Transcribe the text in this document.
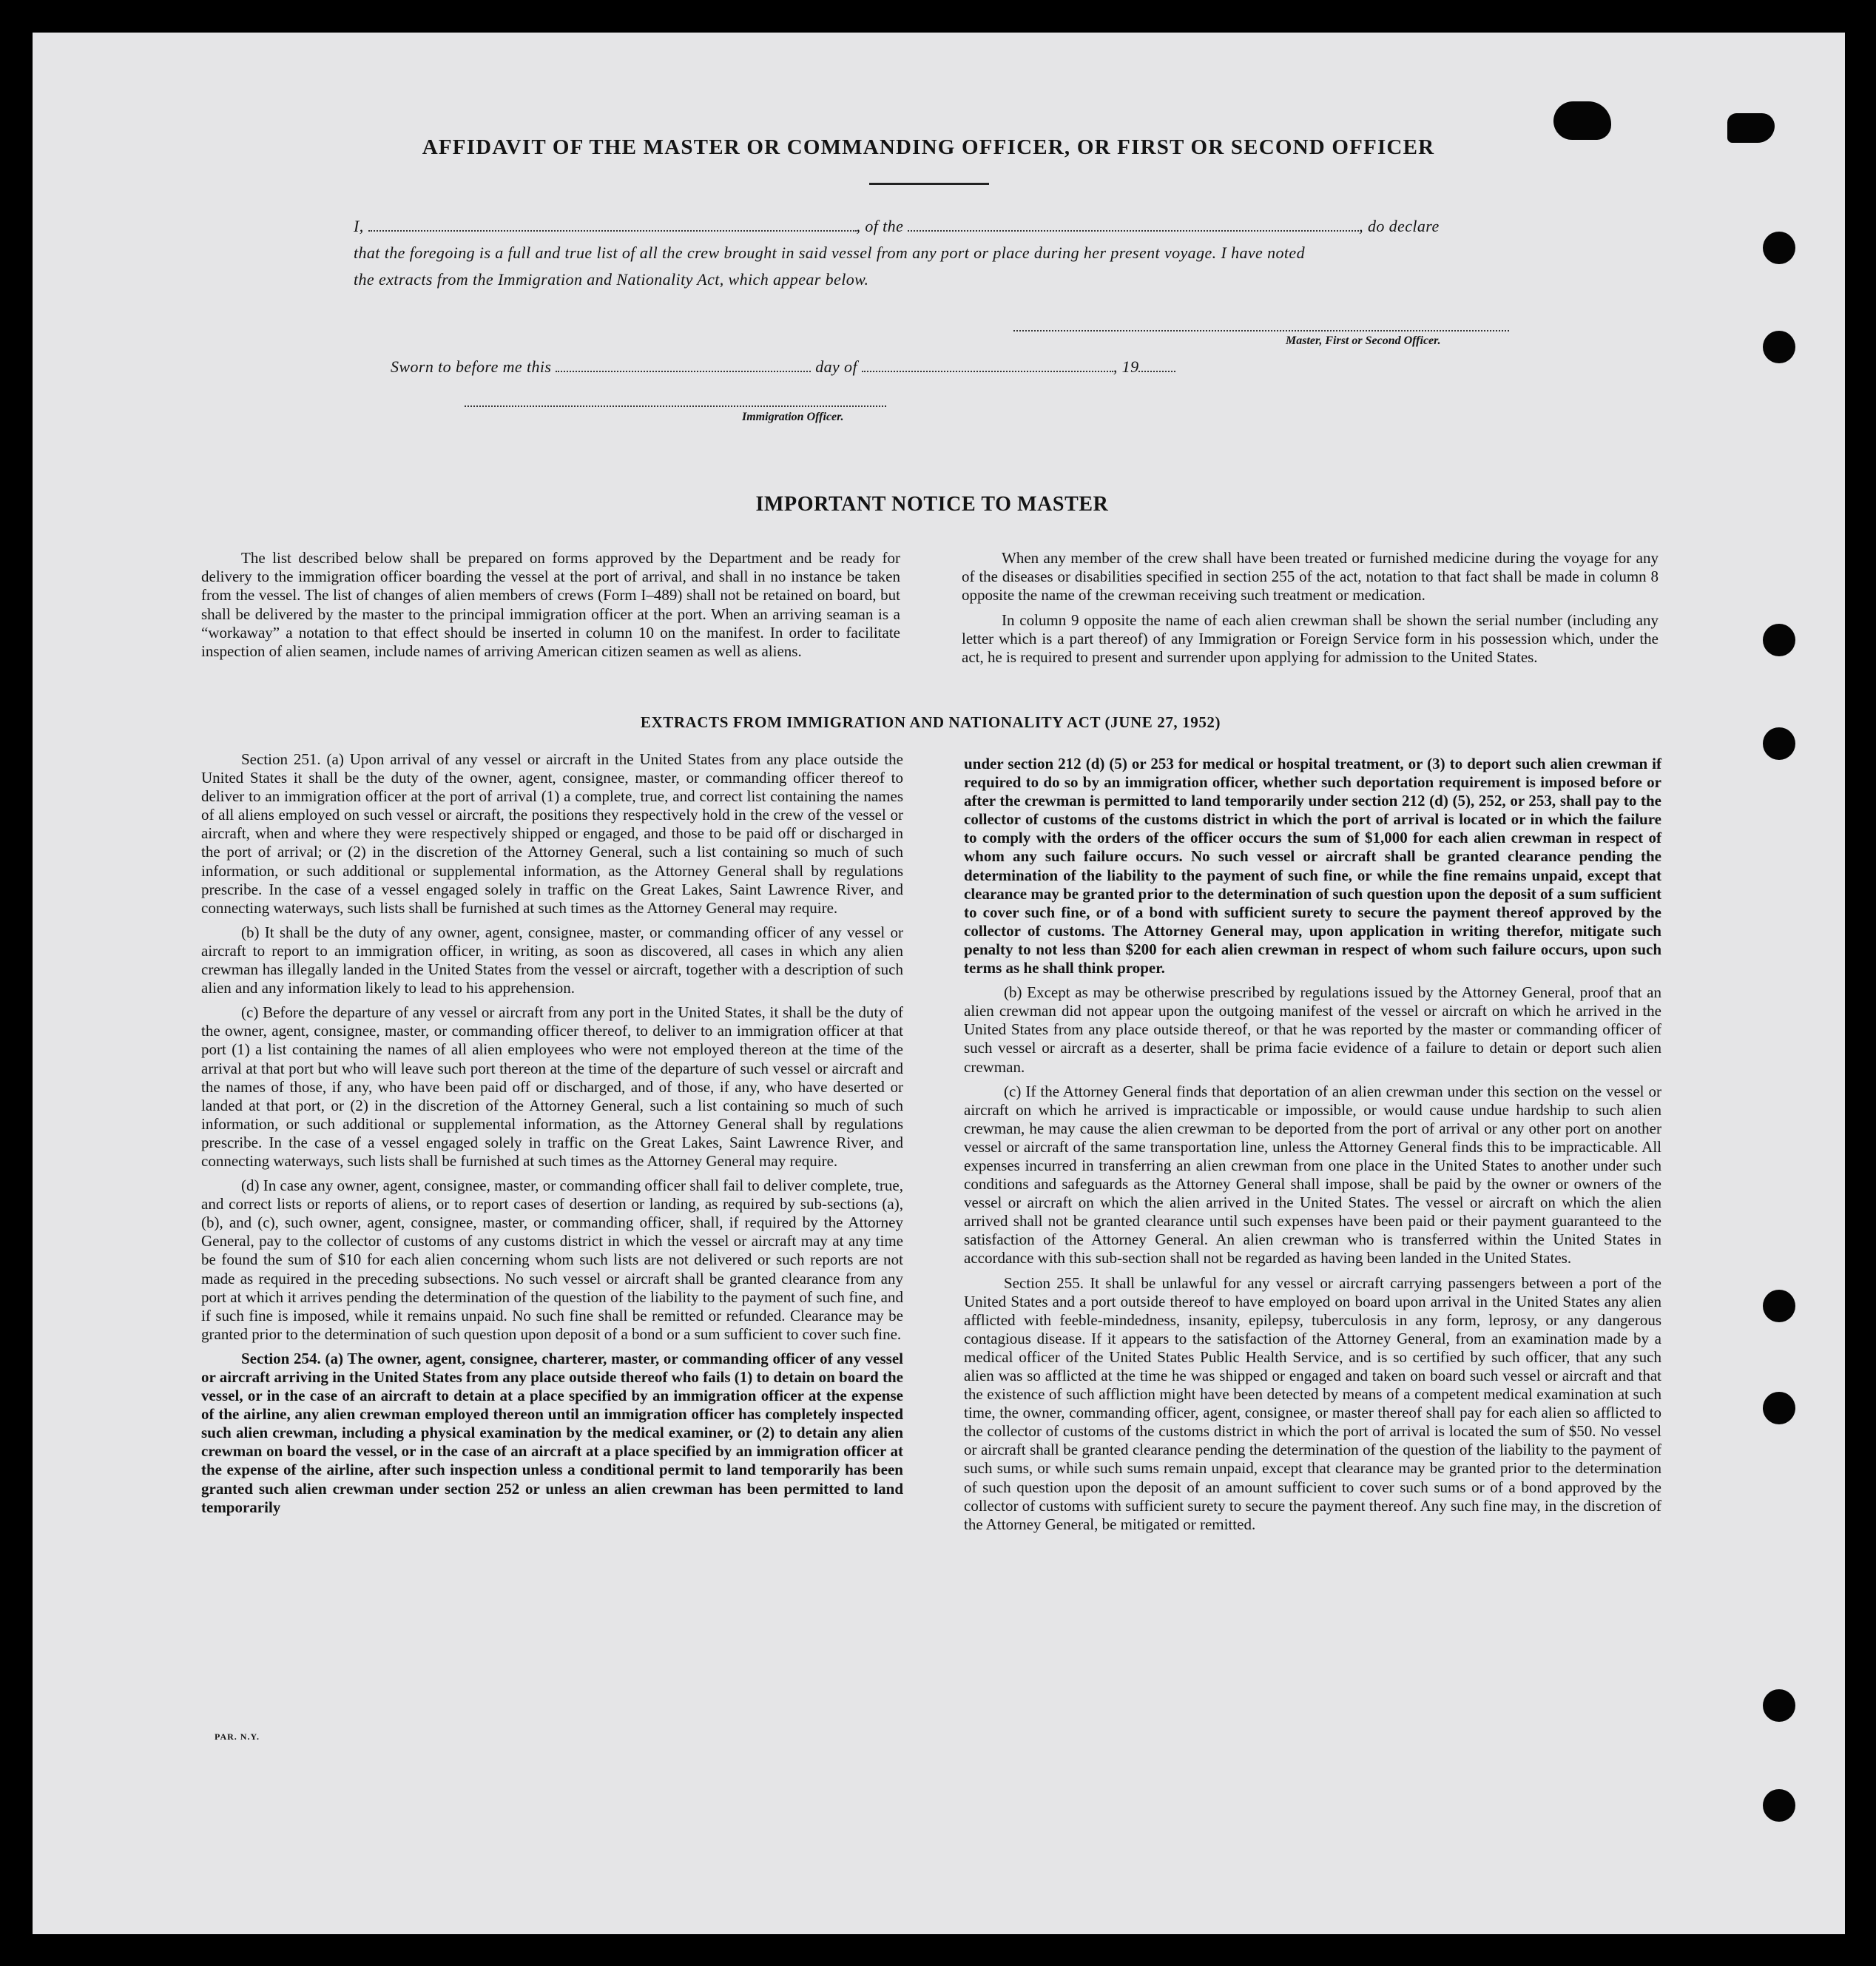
AFFIDAVIT OF THE MASTER OR COMMANDING OFFICER, OR FIRST OR SECOND OFFICER
I,	, of the	, do declare
that the foregoing is a full and true list of all the crew brought in said vessel from any port or place during her present voyage. I have noted
the extracts from the Immigration and Nationality Act, which appear below.
Master, First or Second Officer.
Sworn to before me this	day of	, 19
Immigration Officer.
IMPORTANT NOTICE TO MASTER

The list described below shall be prepared on forms approved by the Department and be ready for delivery to the immigration officer boarding the vessel at the port of arrival, and shall in no instance be taken from the vessel. The list of changes of alien members of crews (Form I–489) shall not be retained on board, but shall be delivered by the master to the principal immigration officer at the port. When an arriving seaman is a “workaway” a notation to that effect should be inserted in column 10 on the manifest. In order to facilitate inspection of alien seamen, include names of arriving American citizen seamen as well as aliens.

When any member of the crew shall have been treated or furnished medicine during the voyage for any of the diseases or disabilities specified in section 255 of the act, notation to that fact shall be made in column 8 opposite the name of the crewman receiving such treatment or medication.

In column 9 opposite the name of each alien crewman shall be shown the serial number (including any letter which is a part thereof) of any Immigration or Foreign Service form in his possession which, under the act, he is required to present and surrender upon applying for admission to the United States.

EXTRACTS FROM IMMIGRATION AND NATIONALITY ACT (JUNE 27, 1952)

Section 251. (a) Upon arrival of any vessel or aircraft in the United States from any place outside the United States it shall be the duty of the owner, agent, consignee, master, or commanding officer thereof to deliver to an immigration officer at the port of arrival (1) a complete, true, and correct list containing the names of all aliens employed on such vessel or aircraft, the positions they respectively hold in the crew of the vessel or aircraft, when and where they were respectively shipped or engaged, and those to be paid off or discharged in the port of arrival; or (2) in the discretion of the Attorney General, such a list containing so much of such information, or such additional or supplemental information, as the Attorney General shall by regulations prescribe. In the case of a vessel engaged solely in traffic on the Great Lakes, Saint Lawrence River, and connecting waterways, such lists shall be furnished at such times as the Attorney General may require.

(b) It shall be the duty of any owner, agent, consignee, master, or commanding officer of any vessel or aircraft to report to an immigration officer, in writing, as soon as discovered, all cases in which any alien crewman has illegally landed in the United States from the vessel or aircraft, together with a description of such alien and any information likely to lead to his apprehension.

(c) Before the departure of any vessel or aircraft from any port in the United States, it shall be the duty of the owner, agent, consignee, master, or commanding officer thereof, to deliver to an immigration officer at that port (1) a list containing the names of all alien employees who were not employed thereon at the time of the arrival at that port but who will leave such port thereon at the time of the departure of such vessel or aircraft and the names of those, if any, who have been paid off or discharged, and of those, if any, who have deserted or landed at that port, or (2) in the discretion of the Attorney General, such a list containing so much of such information, or such additional or supplemental information, as the Attorney General shall by regulations prescribe. In the case of a vessel engaged solely in traffic on the Great Lakes, Saint Lawrence River, and connecting waterways, such lists shall be furnished at such times as the Attorney General may require.

(d) In case any owner, agent, consignee, master, or commanding officer shall fail to deliver complete, true, and correct lists or reports of aliens, or to report cases of desertion or landing, as required by sub-sections (a), (b), and (c), such owner, agent, consignee, master, or commanding officer, shall, if required by the Attorney General, pay to the collector of customs of any customs district in which the vessel or aircraft may at any time be found the sum of $10 for each alien concerning whom such lists are not delivered or such reports are not made as required in the preceding subsections. No such vessel or aircraft shall be granted clearance from any port at which it arrives pending the determination of the question of the liability to the payment of such fine, and if such fine is imposed, while it remains unpaid. No such fine shall be remitted or refunded. Clearance may be granted prior to the determination of such question upon deposit of a bond or a sum sufficient to cover such fine.

Section 254. (a) The owner, agent, consignee, charterer, master, or commanding officer of any vessel or aircraft arriving in the United States from any place outside thereof who fails (1) to detain on board the vessel, or in the case of an aircraft to detain at a place specified by an immigration officer at the expense of the airline, any alien crewman employed thereon until an immigration officer has completely inspected such alien crewman, including a physical examination by the medical examiner, or (2) to detain any alien crewman on board the vessel, or in the case of an aircraft at a place specified by an immigration officer at the expense of the airline, after such inspection unless a conditional permit to land temporarily has been granted such alien crewman under section 252 or unless an alien crewman has been permitted to land temporarily

under section 212 (d) (5) or 253 for medical or hospital treatment, or (3) to deport such alien crewman if required to do so by an immigration officer, whether such deportation requirement is imposed before or after the crewman is permitted to land temporarily under section 212 (d) (5), 252, or 253, shall pay to the collector of customs of the customs district in which the port of arrival is located or in which the failure to comply with the orders of the officer occurs the sum of $1,000 for each alien crewman in respect of whom any such failure occurs. No such vessel or aircraft shall be granted clearance pending the determination of the liability to the payment of such fine, or while the fine remains unpaid, except that clearance may be granted prior to the determination of such question upon the deposit of a sum sufficient to cover such fine, or of a bond with sufficient surety to secure the payment thereof approved by the collector of customs. The Attorney General may, upon application in writing therefor, mitigate such penalty to not less than $200 for each alien crewman in respect of whom such failure occurs, upon such terms as he shall think proper.

(b) Except as may be otherwise prescribed by regulations issued by the Attorney General, proof that an alien crewman did not appear upon the outgoing manifest of the vessel or aircraft on which he arrived in the United States from any place outside thereof, or that he was reported by the master or commanding officer of such vessel or aircraft as a deserter, shall be prima facie evidence of a failure to detain or deport such alien crewman.

(c) If the Attorney General finds that deportation of an alien crewman under this section on the vessel or aircraft on which he arrived is impracticable or impossible, or would cause undue hardship to such alien crewman, he may cause the alien crewman to be deported from the port of arrival or any other port on another vessel or aircraft of the same transportation line, unless the Attorney General finds this to be impracticable. All expenses incurred in transferring an alien crewman from one place in the United States to another under such conditions and safeguards as the Attorney General shall impose, shall be paid by the owner or owners of the vessel or aircraft on which the alien arrived in the United States. The vessel or aircraft on which the alien arrived shall not be granted clearance until such expenses have been paid or their payment guaranteed to the satisfaction of the Attorney General. An alien crewman who is transferred within the United States in accordance with this sub-section shall not be regarded as having been landed in the United States.

Section 255. It shall be unlawful for any vessel or aircraft carrying passengers between a port of the United States and a port outside thereof to have employed on board upon arrival in the United States any alien afflicted with feeble-mindedness, insanity, epilepsy, tuberculosis in any form, leprosy, or any dangerous contagious disease. If it appears to the satisfaction of the Attorney General, from an examination made by a medical officer of the United States Public Health Service, and is so certified by such officer, that any such alien was so afflicted at the time he was shipped or engaged and taken on board such vessel or aircraft and that the existence of such affliction might have been detected by means of a competent medical examination at such time, the owner, commanding officer, agent, consignee, or master thereof shall pay for each alien so afflicted to the collector of customs of the customs district in which the port of arrival is located the sum of $50. No vessel or aircraft shall be granted clearance pending the determination of the question of the liability to the payment of such sums, or while such sums remain unpaid, except that clearance may be granted prior to the determination of such question upon the deposit of an amount sufficient to cover such sums or of a bond approved by the collector of customs with sufficient surety to secure the payment thereof. Any such fine may, in the discretion of the Attorney General, be mitigated or remitted.

PAR. N.Y.
